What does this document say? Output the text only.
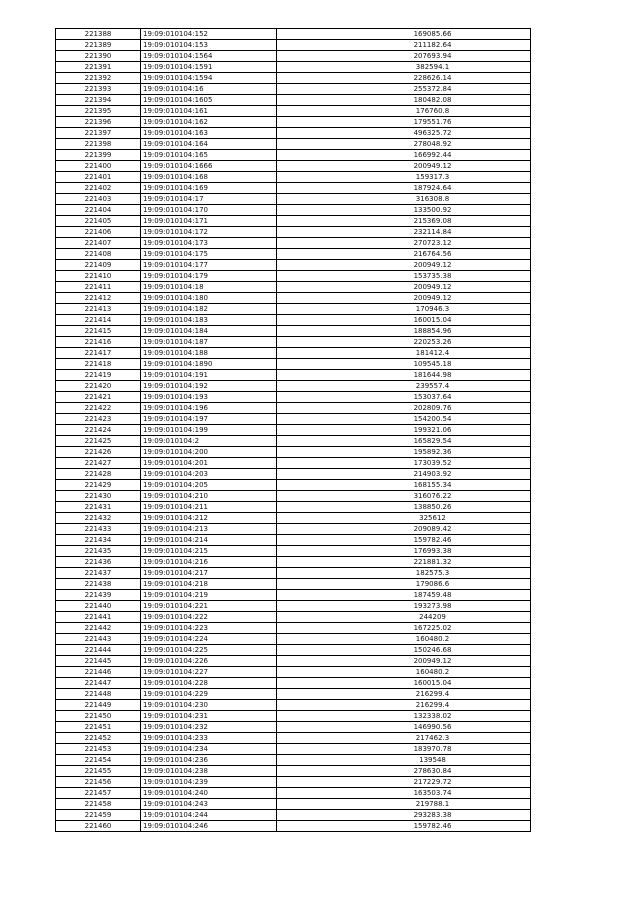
221388	19:09:010104:152	169085.66
221389	19:09:010104:153	211182.64
221390	19:09:010104:1564	207693.94
221391	19:09:010104:1591	382594.1
221392	19:09:010104:1594	228626.14
221393	19:09:010104:16	255372.84
221394	19:09:010104:1605	180482.08
221395	19:09:010104:161	176760.8
221396	19:09:010104:162	179551.76
221397	19:09:010104:163	496325.72
221398	19:09:010104:164	278048.92
221399	19:09:010104:165	166992.44
221400	19:09:010104:1666	200949.12
221401	19:09:010104:168	159317.3
221402	19:09:010104:169	187924.64
221403	19:09:010104:17	316308.8
221404	19:09:010104:170	133500.92
221405	19:09:010104:171	215369.08
221406	19:09:010104:172	232114.84
221407	19:09:010104:173	270723.12
221408	19:09:010104:175	216764.56
221409	19:09:010104:177	200949.12
221410	19:09:010104:179	153735.38
221411	19:09:010104:18	200949.12
221412	19:09:010104:180	200949.12
221413	19:09:010104:182	170946.3
221414	19:09:010104:183	160015.04
221415	19:09:010104:184	188854.96
221416	19:09:010104:187	220253.26
221417	19:09:010104:188	181412.4
221418	19:09:010104:1890	109545.18
221419	19:09:010104:191	181644.98
221420	19:09:010104:192	239557.4
221421	19:09:010104:193	153037.64
221422	19:09:010104:196	202809.76
221423	19:09:010104:197	154200.54
221424	19:09:010104:199	199321.06
221425	19:09:010104:2	165829.54
221426	19:09:010104:200	195892.36
221427	19:09:010104:201	173039.52
221428	19:09:010104:203	214903.92
221429	19:09:010104:205	168155.34
221430	19:09:010104:210	316076.22
221431	19:09:010104:211	138850.26
221432	19:09:010104:212	325612
221433	19:09:010104:213	209089.42
221434	19:09:010104:214	159782.46
221435	19:09:010104:215	176993.38
221436	19:09:010104:216	221881.32
221437	19:09:010104:217	182575.3
221438	19:09:010104:218	179086.6
221439	19:09:010104:219	187459.48
221440	19:09:010104:221	193273.98
221441	19:09:010104:222	244209
221442	19:09:010104:223	167225.02
221443	19:09:010104:224	160480.2
221444	19:09:010104:225	150246.68
221445	19:09:010104:226	200949.12
221446	19:09:010104:227	160480.2
221447	19:09:010104:228	160015.04
221448	19:09:010104:229	216299.4
221449	19:09:010104:230	216299.4
221450	19:09:010104:231	132338.02
221451	19:09:010104:232	146990.56
221452	19:09:010104:233	217462.3
221453	19:09:010104:234	183970.78
221454	19:09:010104:236	139548
221455	19:09:010104:238	278630.84
221456	19:09:010104:239	217229.72
221457	19:09:010104:240	163503.74
221458	19:09:010104:243	219788.1
221459	19:09:010104:244	293283.38
221460	19:09:010104:246	159782.46
